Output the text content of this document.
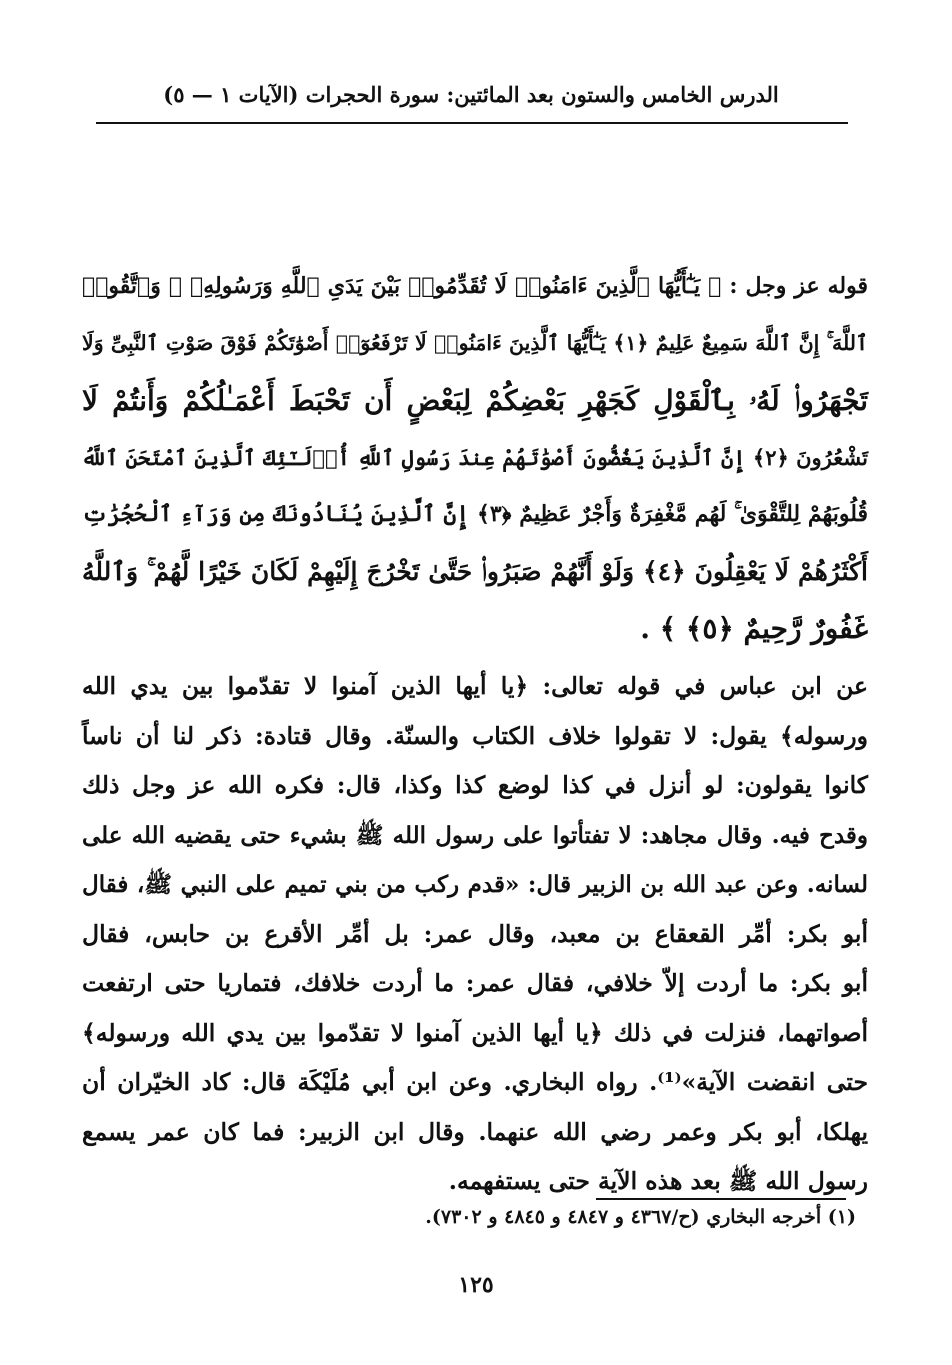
الدرس الخامس والستون بعد المائتين: سورة الحجرات (الآيات ١ — ٥)
قوله عز وجل : ﴿ يَـٰٓأَيُّهَا ٱلَّذِينَ ءَامَنُوا۟ لَا تُقَدِّمُوا۟ بَيْنَ يَدَىِ ٱللَّهِ وَرَسُولِهِۦ ۖ وَٱتَّقُوا۟
ٱللَّهَ ۚ إِنَّ ٱللَّهَ سَمِيعٌ عَلِيمٌ ﴿١﴾ يَـٰٓأَيُّهَا ٱلَّذِينَ ءَامَنُوا۟ لَا تَرْفَعُوٓا۟ أَصْوَٰتَكُمْ فَوْقَ صَوْتِ ٱلنَّبِىِّ وَلَا
تَجْهَرُوا۟ لَهُۥ بِٱلْقَوْلِ كَجَهْرِ بَعْضِكُمْ لِبَعْضٍ أَن تَحْبَطَ أَعْمَـٰلُكُمْ وَأَنتُمْ لَا
تَشْعُرُونَ ﴿٢﴾ إِنَّ ٱلَّذِينَ يَغُضُّونَ أَصْوَٰتَهُمْ عِندَ رَسُولِ ٱللَّهِ أُو۟لَـٰٓئِكَ ٱلَّذِينَ ٱمْتَحَنَ ٱللَّهُ
قُلُوبَهُمْ لِلتَّقْوَىٰ ۚ لَهُم مَّغْفِرَةٌ وَأَجْرٌ عَظِيمٌ ﴿٣﴾ إِنَّ ٱلَّذِينَ يُنَادُونَكَ مِن وَرَآءِ ٱلْحُجُرَٰتِ
أَكْثَرُهُمْ لَا يَعْقِلُونَ ﴿٤﴾ وَلَوْ أَنَّهُمْ صَبَرُوا۟ حَتَّىٰ تَخْرُجَ إِلَيْهِمْ لَكَانَ خَيْرًا لَّهُمْ ۚ وَٱللَّهُ
غَفُورٌ رَّحِيمٌ ﴿٥﴾ ﴾ .
عن ابن عباس في قوله تعالى: ﴿يا أيها الذين آمنوا لا تقدّموا بين يدي الله
ورسوله﴾ يقول: لا تقولوا خلاف الكتاب والسنّة. وقال قتادة: ذكر لنا أن ناساً
كانوا يقولون: لو أنزل في كذا لوضع كذا وكذا، قال: فكره الله عز وجل ذلك
وقدح فيه. وقال مجاهد: لا تفتأتوا على رسول الله ﷺ بشيء حتى يقضيه الله على
لسانه. وعن عبد الله بن الزبير قال: «قدم ركب من بني تميم على النبي ﷺ، فقال
أبو بكر: أمِّر القعقاع بن معبد، وقال عمر: بل أمِّر الأقرع بن حابس، فقال
أبو بكر: ما أردت إلاّ خلافي، فقال عمر: ما أردت خلافك، فتماريا حتى ارتفعت
أصواتهما، فنزلت في ذلك ﴿يا أيها الذين آمنوا لا تقدّموا بين يدي الله ورسوله﴾
حتى انقضت الآية»⁽¹⁾. رواه البخاري. وعن ابن أبي مُلَيْكَة قال: كاد الخيّران أن
يهلكا، أبو بكر وعمر رضي الله عنهما. وقال ابن الزبير: فما كان عمر يسمع
رسول الله ﷺ بعد هذه الآية حتى يستفهمه.
(١) أخرجه البخاري (ح/٤٣٦٧ و ٤٨٤٧ و ٤٨٤٥ و ٧٣٠٢).
١٢٥
